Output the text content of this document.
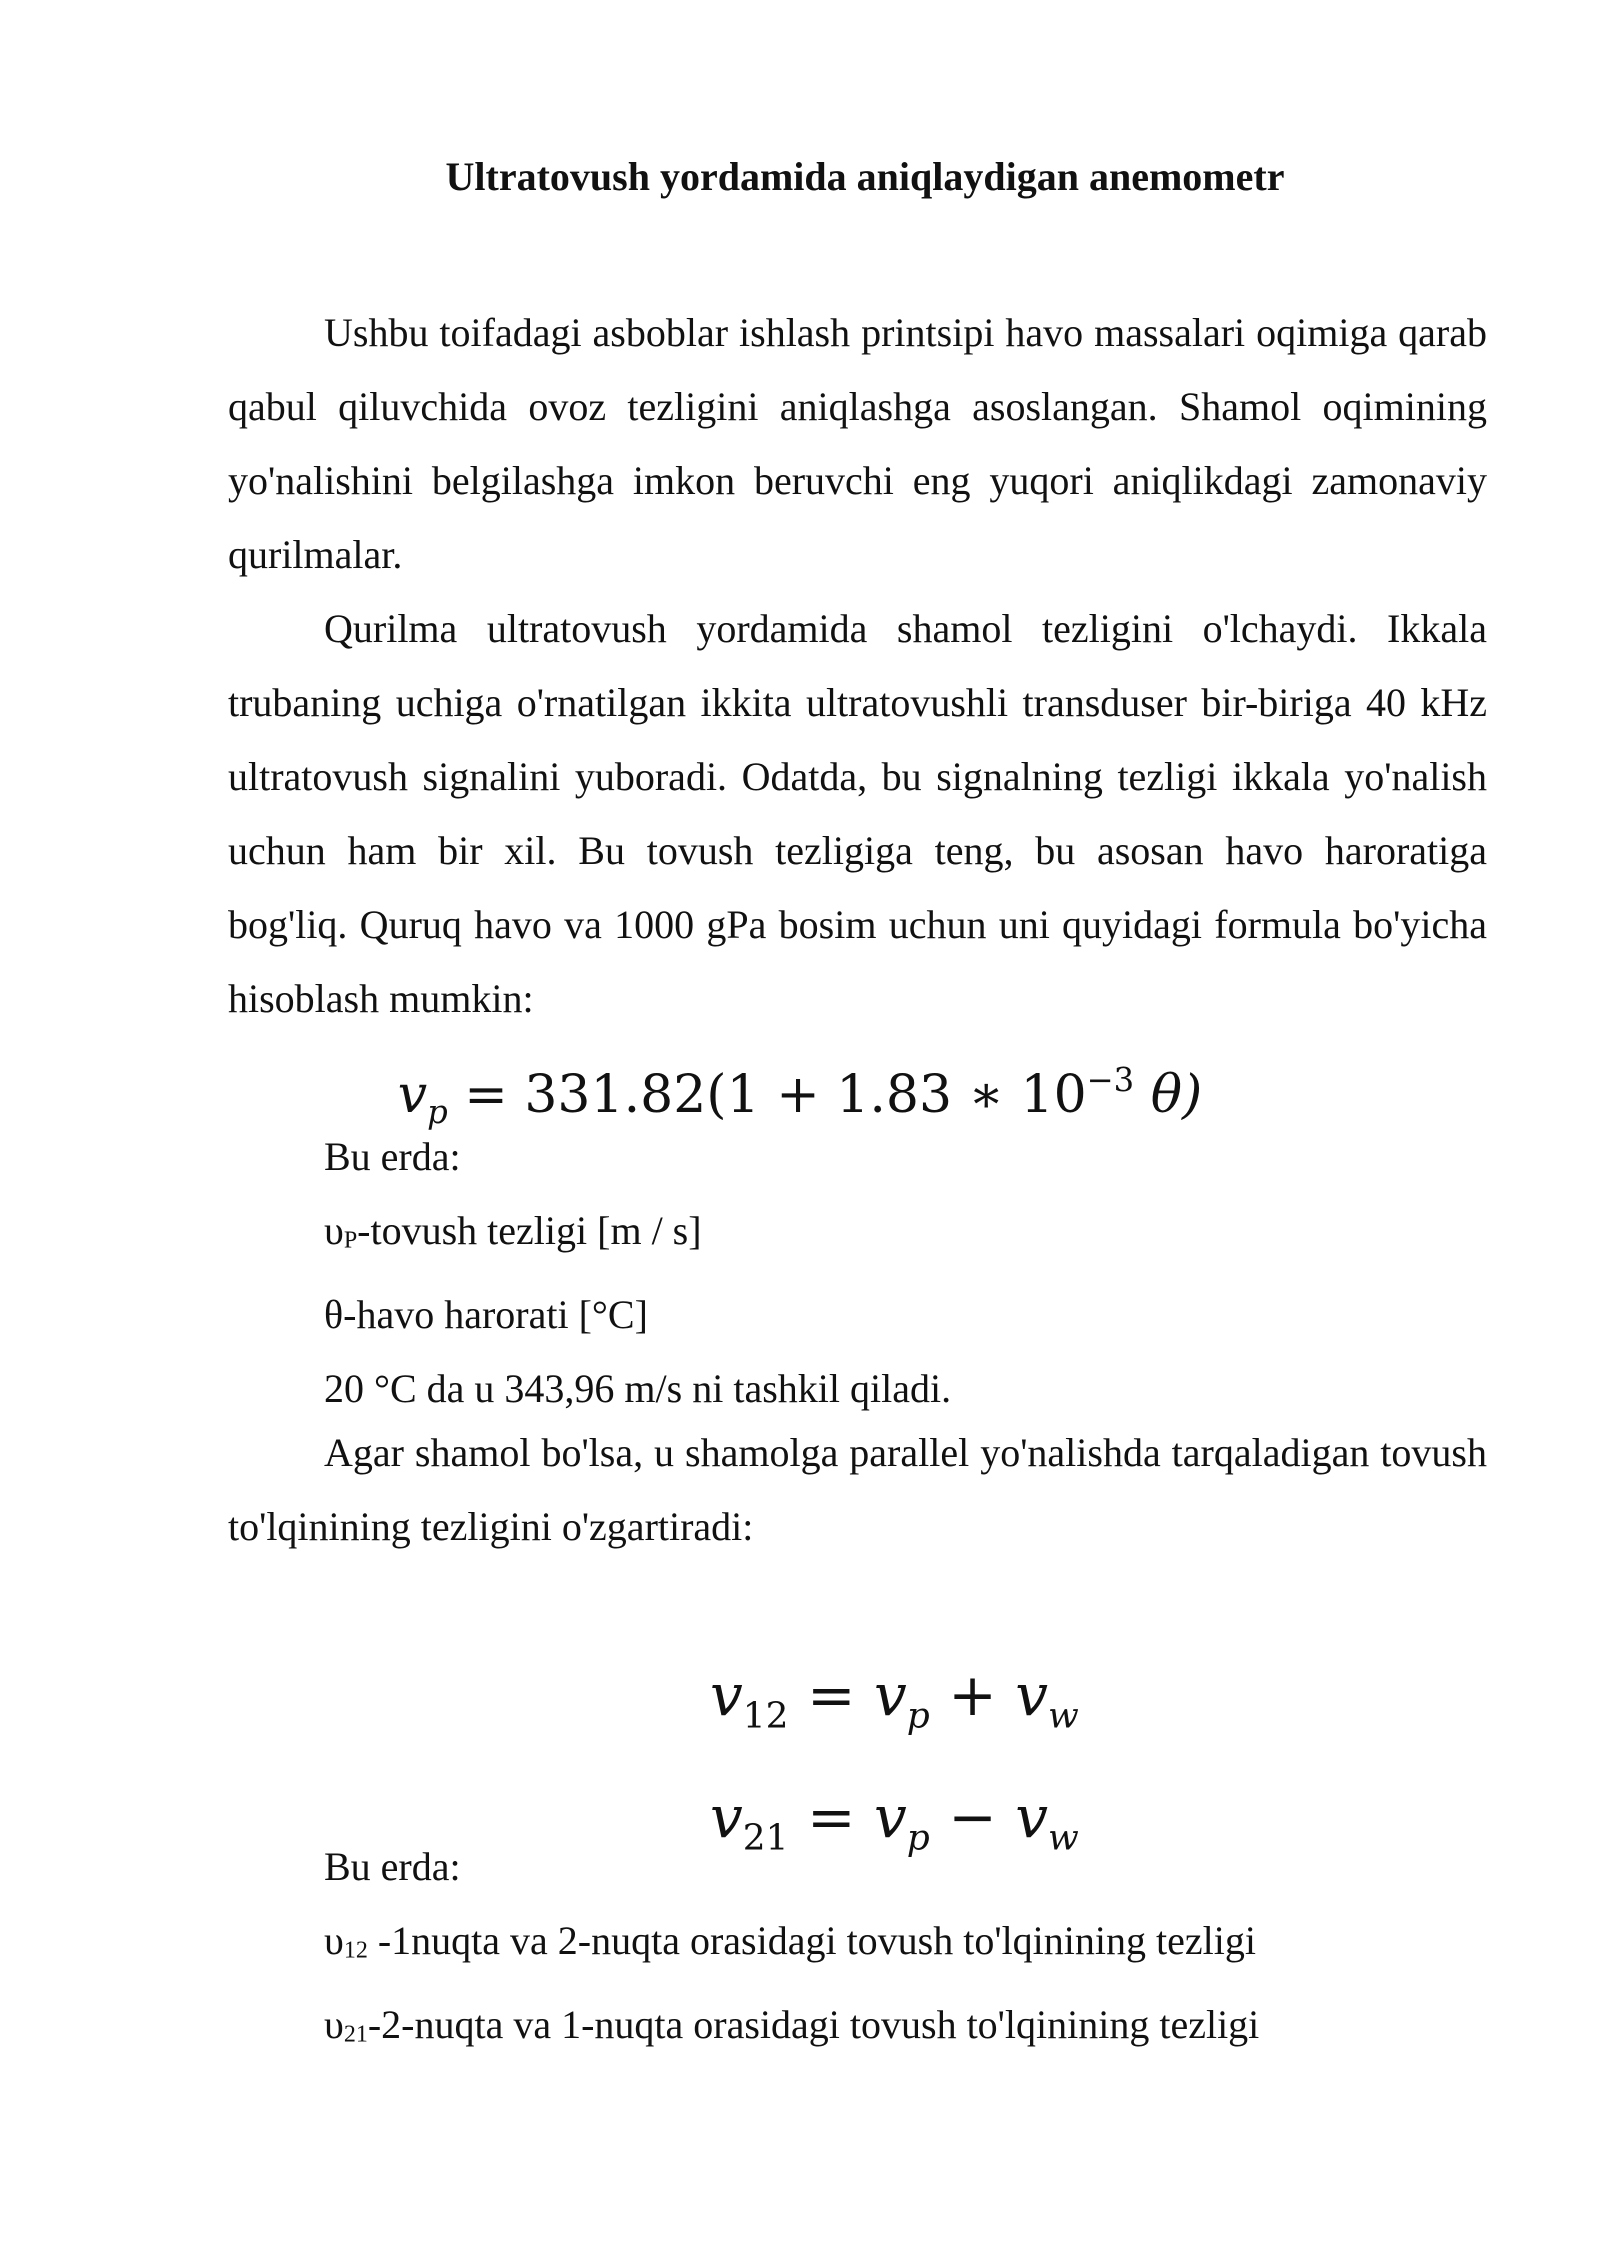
Ultratovush yordamida aniqlaydigan anemometr

Ushbu toifadagi asboblar ishlash printsipi havo massalari oqimiga qarab qabul qiluvchida ovoz tezligini aniqlashga asoslangan. Shamol oqimining yo'nalishini belgilashga imkon beruvchi eng yuqori aniqlikdagi zamonaviy qurilmalar.

Qurilma ultratovush yordamida shamol tezligini o'lchaydi. Ikkala trubaning uchiga o'rnatilgan ikkita ultratovushli transduser bir-biriga 40 kHz ultratovush signalini yuboradi. Odatda, bu signalning tezligi ikkala yo'nalish uchun ham bir xil. Bu tovush tezligiga teng, bu asosan havo haroratiga bog'liq. Quruq havo va 1000 gPa bosim uchun uni quyidagi formula bo'yicha hisoblash mumkin:

$v_p = 331.82(1 + 1.83$ ∗ $10^{-3}$ θ)

Bu erda:

υP-tovush tezligi [m / s]

θ-havo harorati [°C]

20 °C da u 343,96 m/s ni tashkil qiladi.

Agar shamol bo'lsa, u shamolga parallel yo'nalishda tarqaladigan tovush to'lqinining tezligini o'zgartiradi:

$v_{12} = v_p + v_w$
$v_{21} = v_p - v_w$

Bu erda:

υ12 -1nuqta va 2-nuqta orasidagi tovush to'lqinining tezligi

υ21-2-nuqta va 1-nuqta orasidagi tovush to'lqinining tezligi
